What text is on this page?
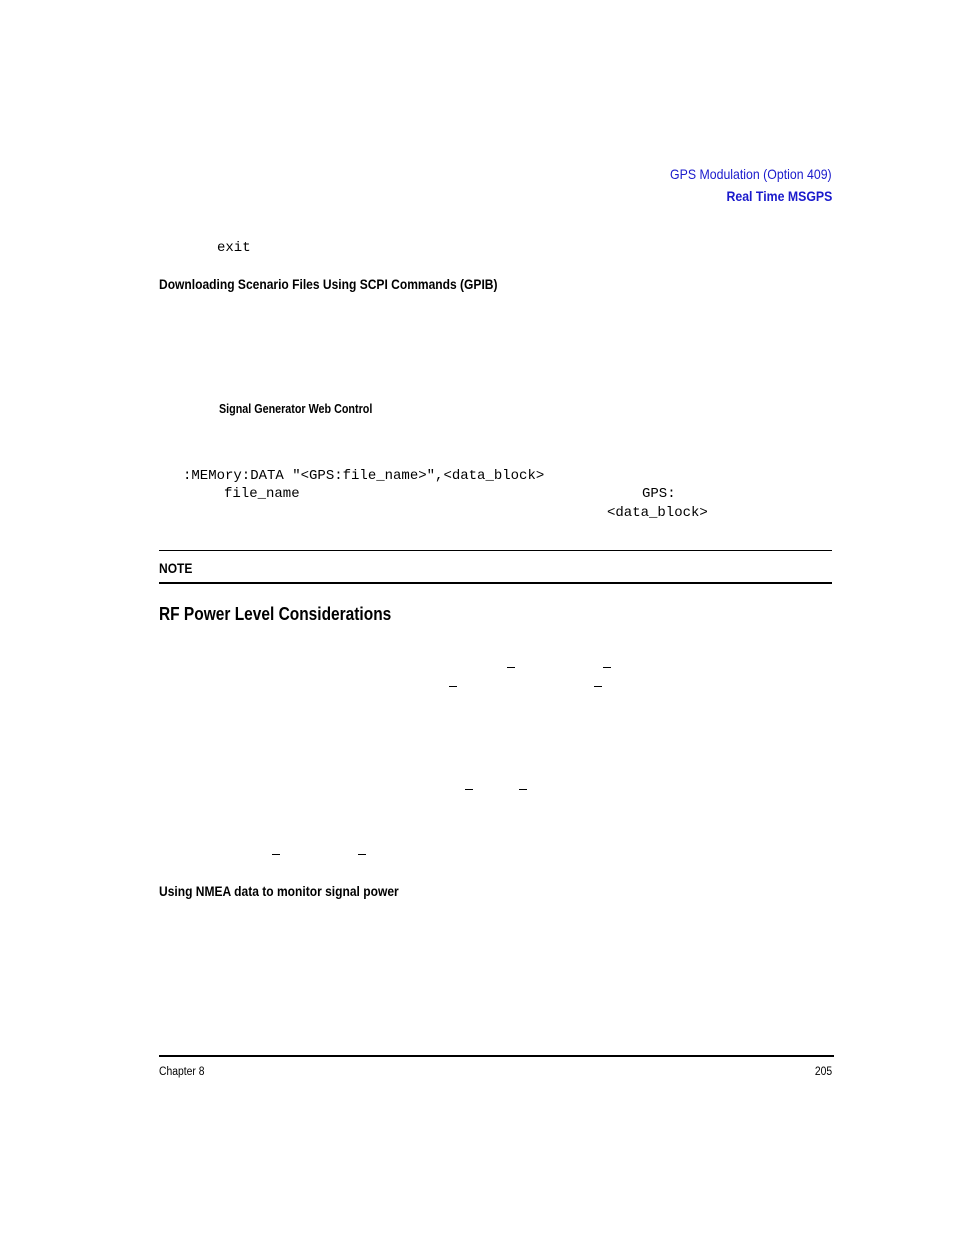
GPS Modulation (Option 409)
Real Time MSGPS
exit
Downloading Scenario Files Using SCPI Commands (GPIB)
Signal Generator Web Control
:MEMory:DATA "<GPS:file_name>",<data_block>
file_name	GPS:
<data_block>
NOTE
RF Power Level Considerations
Using NMEA data to monitor signal power
Chapter 8	205
